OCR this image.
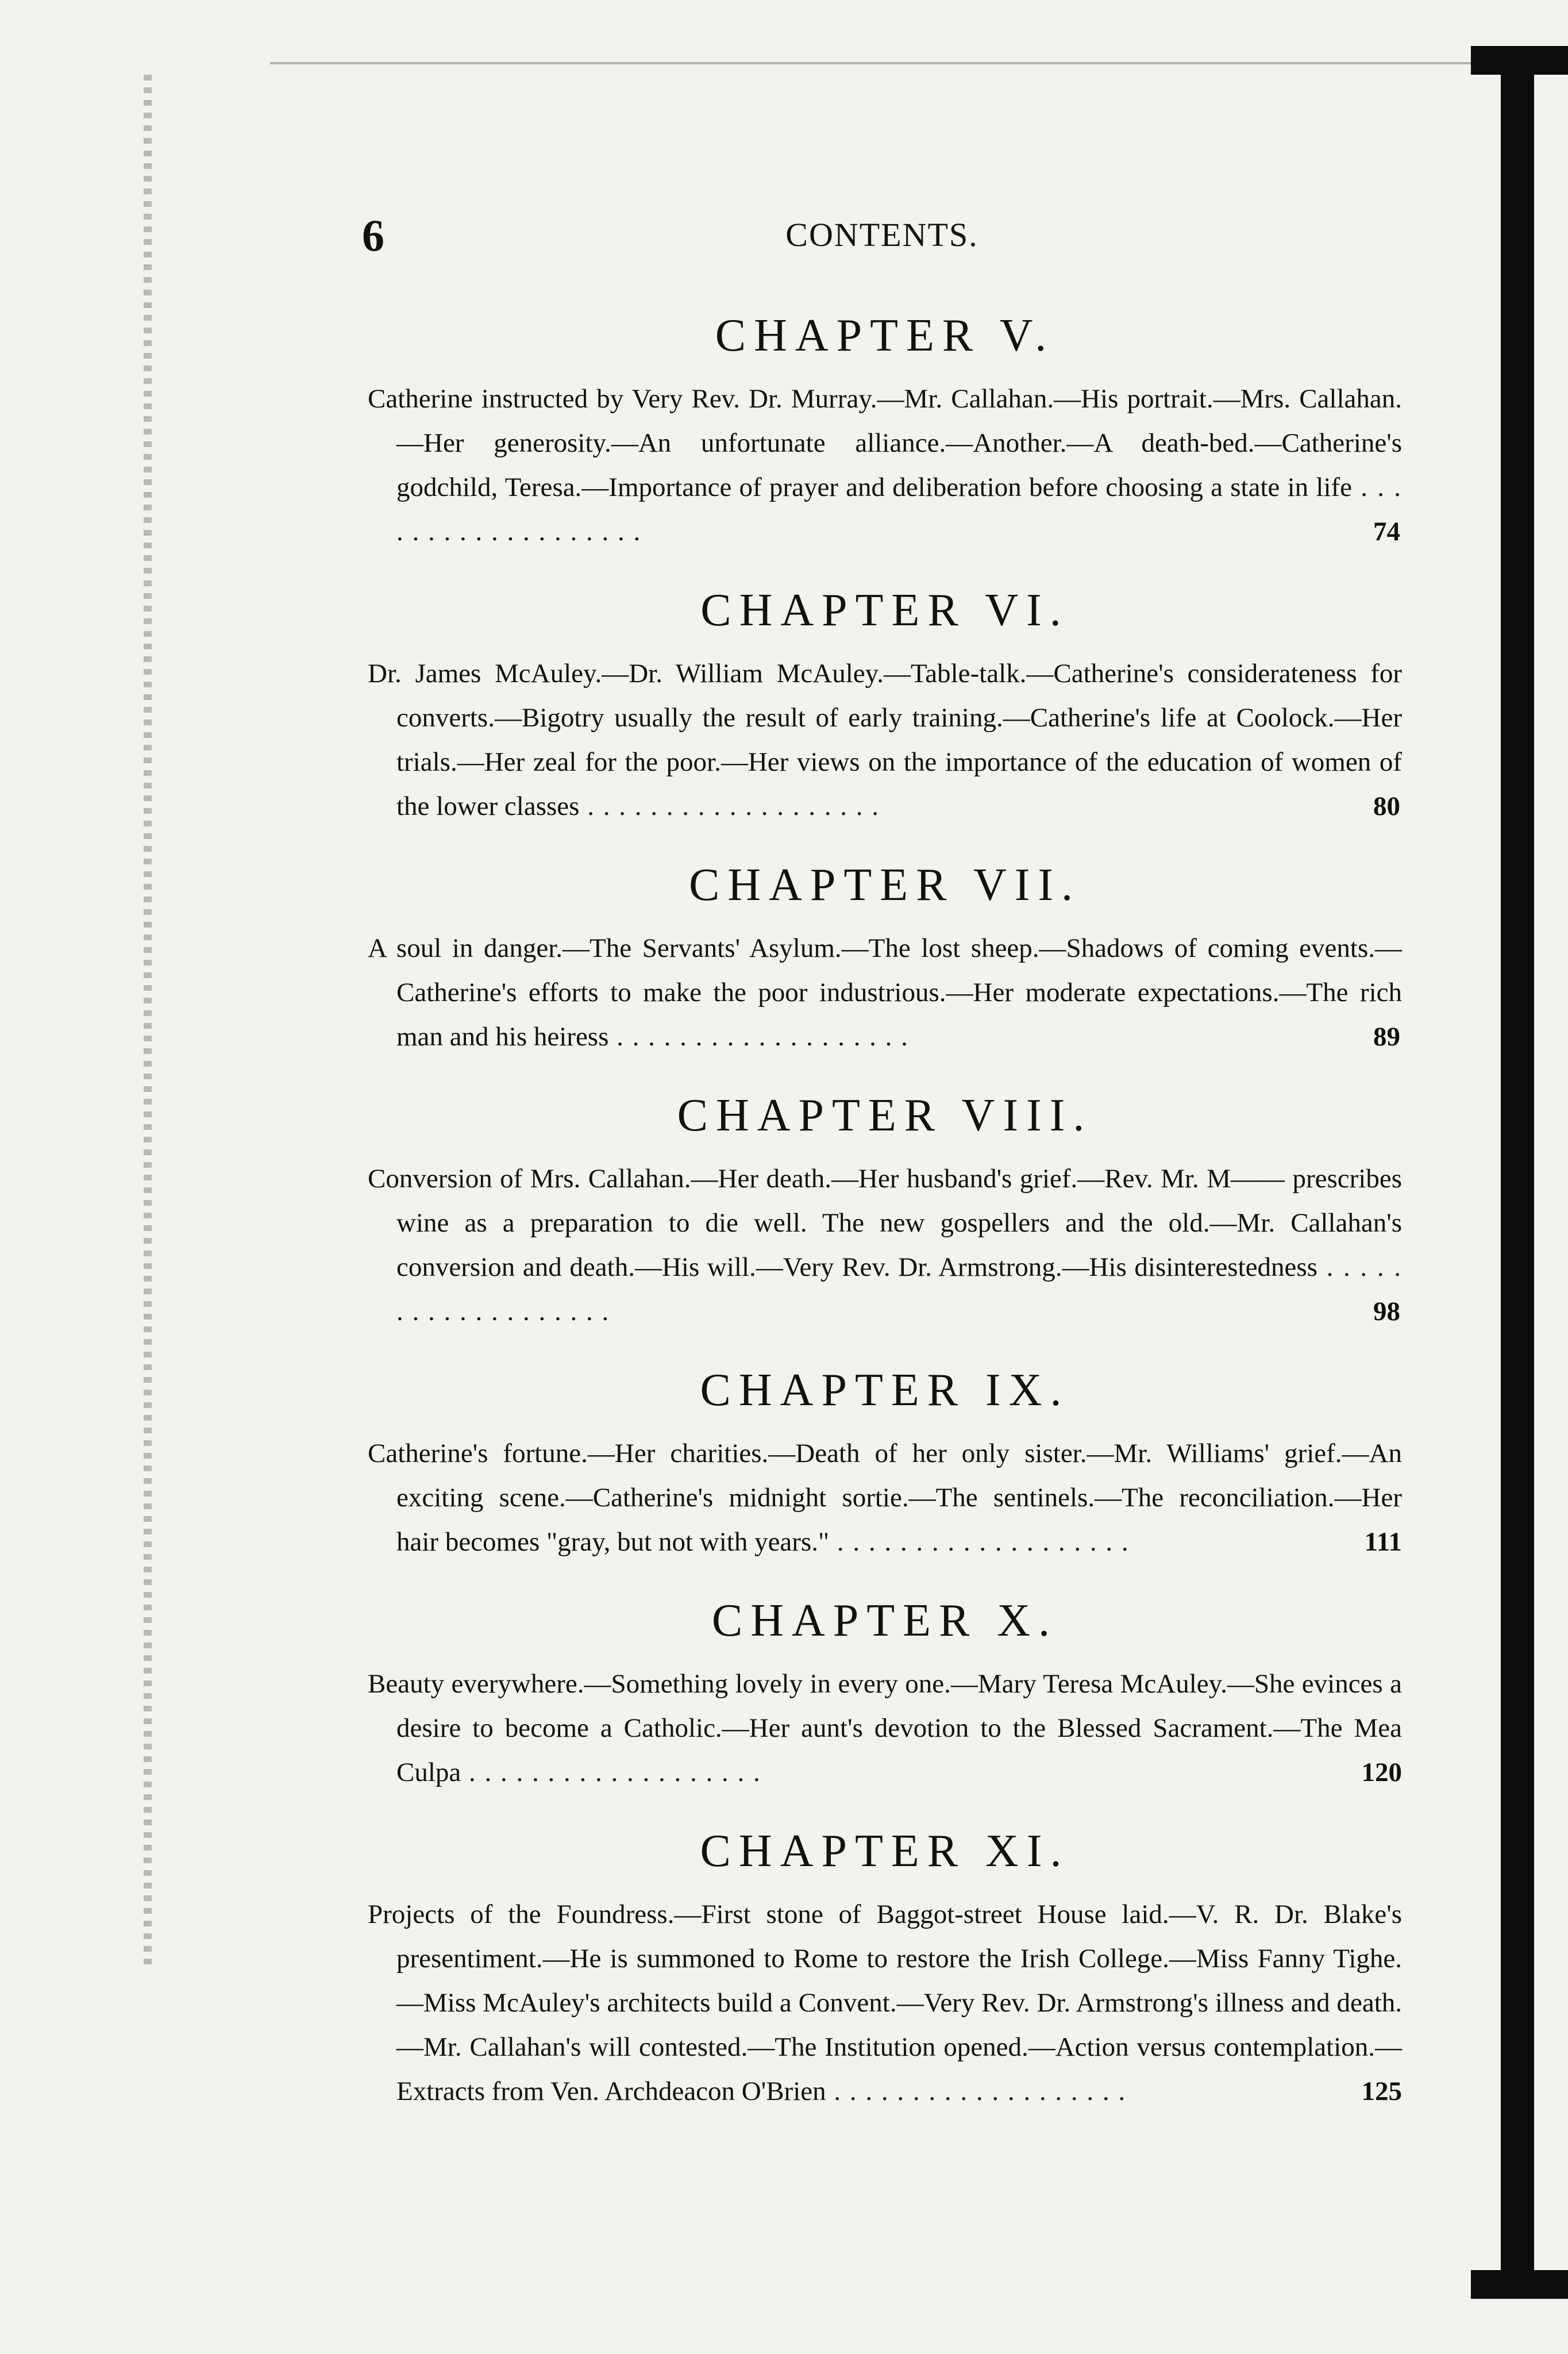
6	CONTENTS.
CHAPTER V.

Catherine instructed by Very Rev. Dr. Murray.—Mr. Callahan.—His portrait.—Mrs. Callahan.—Her generosity.—An unfortunate alliance.—Another.—A death-bed.—Catherine's godchild, Teresa.—Importance of prayer and deliberation before choosing a state in life. . .
74

CHAPTER VI.

Dr. James McAuley.—Dr. William McAuley.—Table-talk.—Catherine's considerateness for converts.—Bigotry usually the result of early training.—Catherine's life at Coolock.—Her trials.—Her zeal for the poor.—Her views on the importance of the education of women of the lower classes . . .	80

CHAPTER VII.

A soul in danger.—The Servants' Asylum.—The lost sheep.—Shadows of coming events.—Catherine's efforts to make the poor industrious.—Her moderate expectations.—The rich man and his heiress . . .	89

CHAPTER VIII.

Conversion of Mrs. Callahan.—Her death.—Her husband's grief.—Rev. Mr. M—— prescribes wine as a preparation to die well. The new gospellers and the old.—Mr. Callahan's conversion and death.—His will.—Very Rev. Dr. Armstrong.—His disinterestedness. . .
98

CHAPTER IX.

Catherine's fortune.—Her charities.—Death of her only sister.—Mr. Williams' grief.—An exciting scene.—Catherine's midnight sortie.—The sentinels.—The reconciliation.—Her hair becomes "gray, but not with years." . . .	111

CHAPTER X.

Beauty everywhere.—Something lovely in every one.—Mary Teresa McAuley.—She evinces a desire to become a Catholic.—Her aunt's devotion to the Blessed Sacrament.—The Mea Culpa . . .	120

CHAPTER XI.

Projects of the Foundress.—First stone of Baggot-street House laid.—V. R. Dr. Blake's presentiment.—He is summoned to Rome to restore the Irish College.—Miss Fanny Tighe.—Miss McAuley's architects build a Convent.—Very Rev. Dr. Armstrong's illness and death.—Mr. Callahan's will contested.—The Institution opened.—Action versus contemplation.—Extracts from Ven. Archdeacon O'Brien . . .	125
